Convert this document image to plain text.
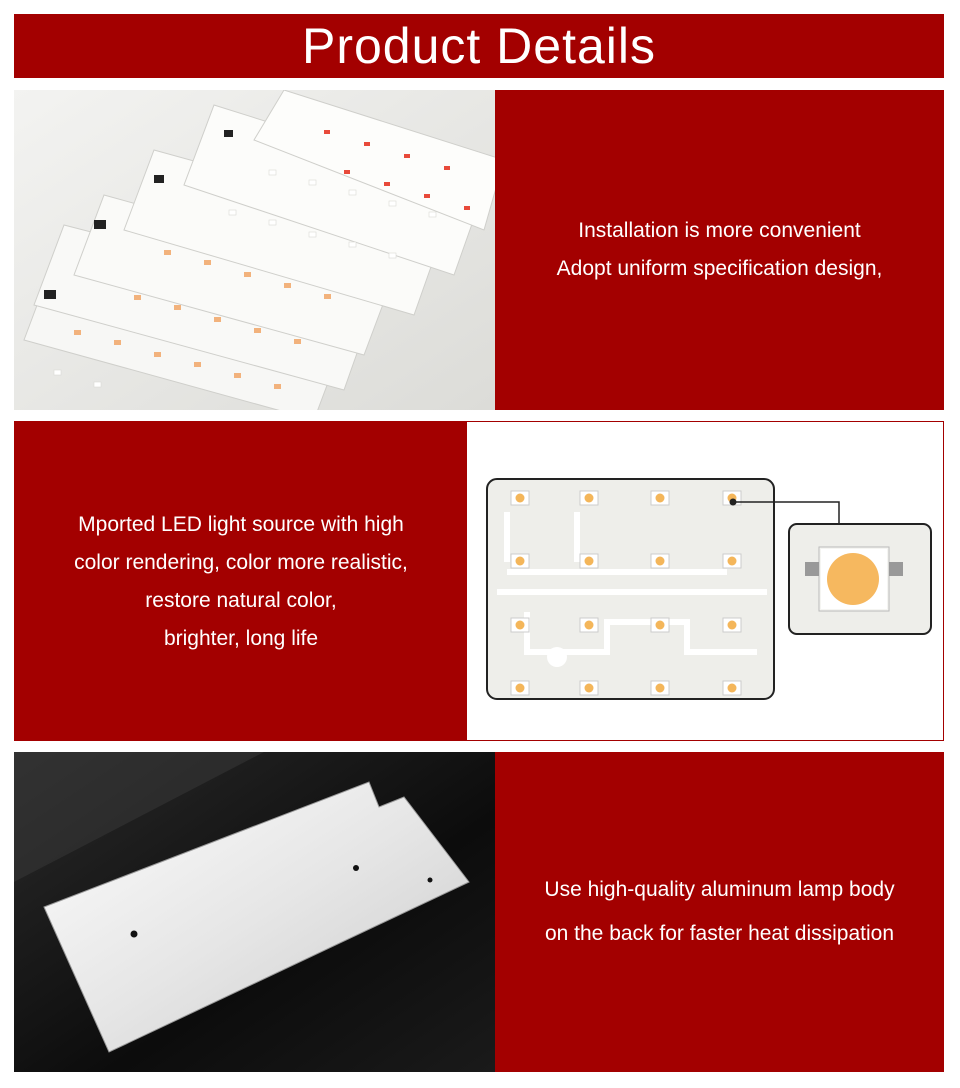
Product Details
Installation is more convenient
Adopt uniform specification design,
Mported LED light source with high
color rendering, color more realistic,
restore natural color,
brighter, long life
Use high-quality aluminum lamp body
on the back for faster heat dissipation
